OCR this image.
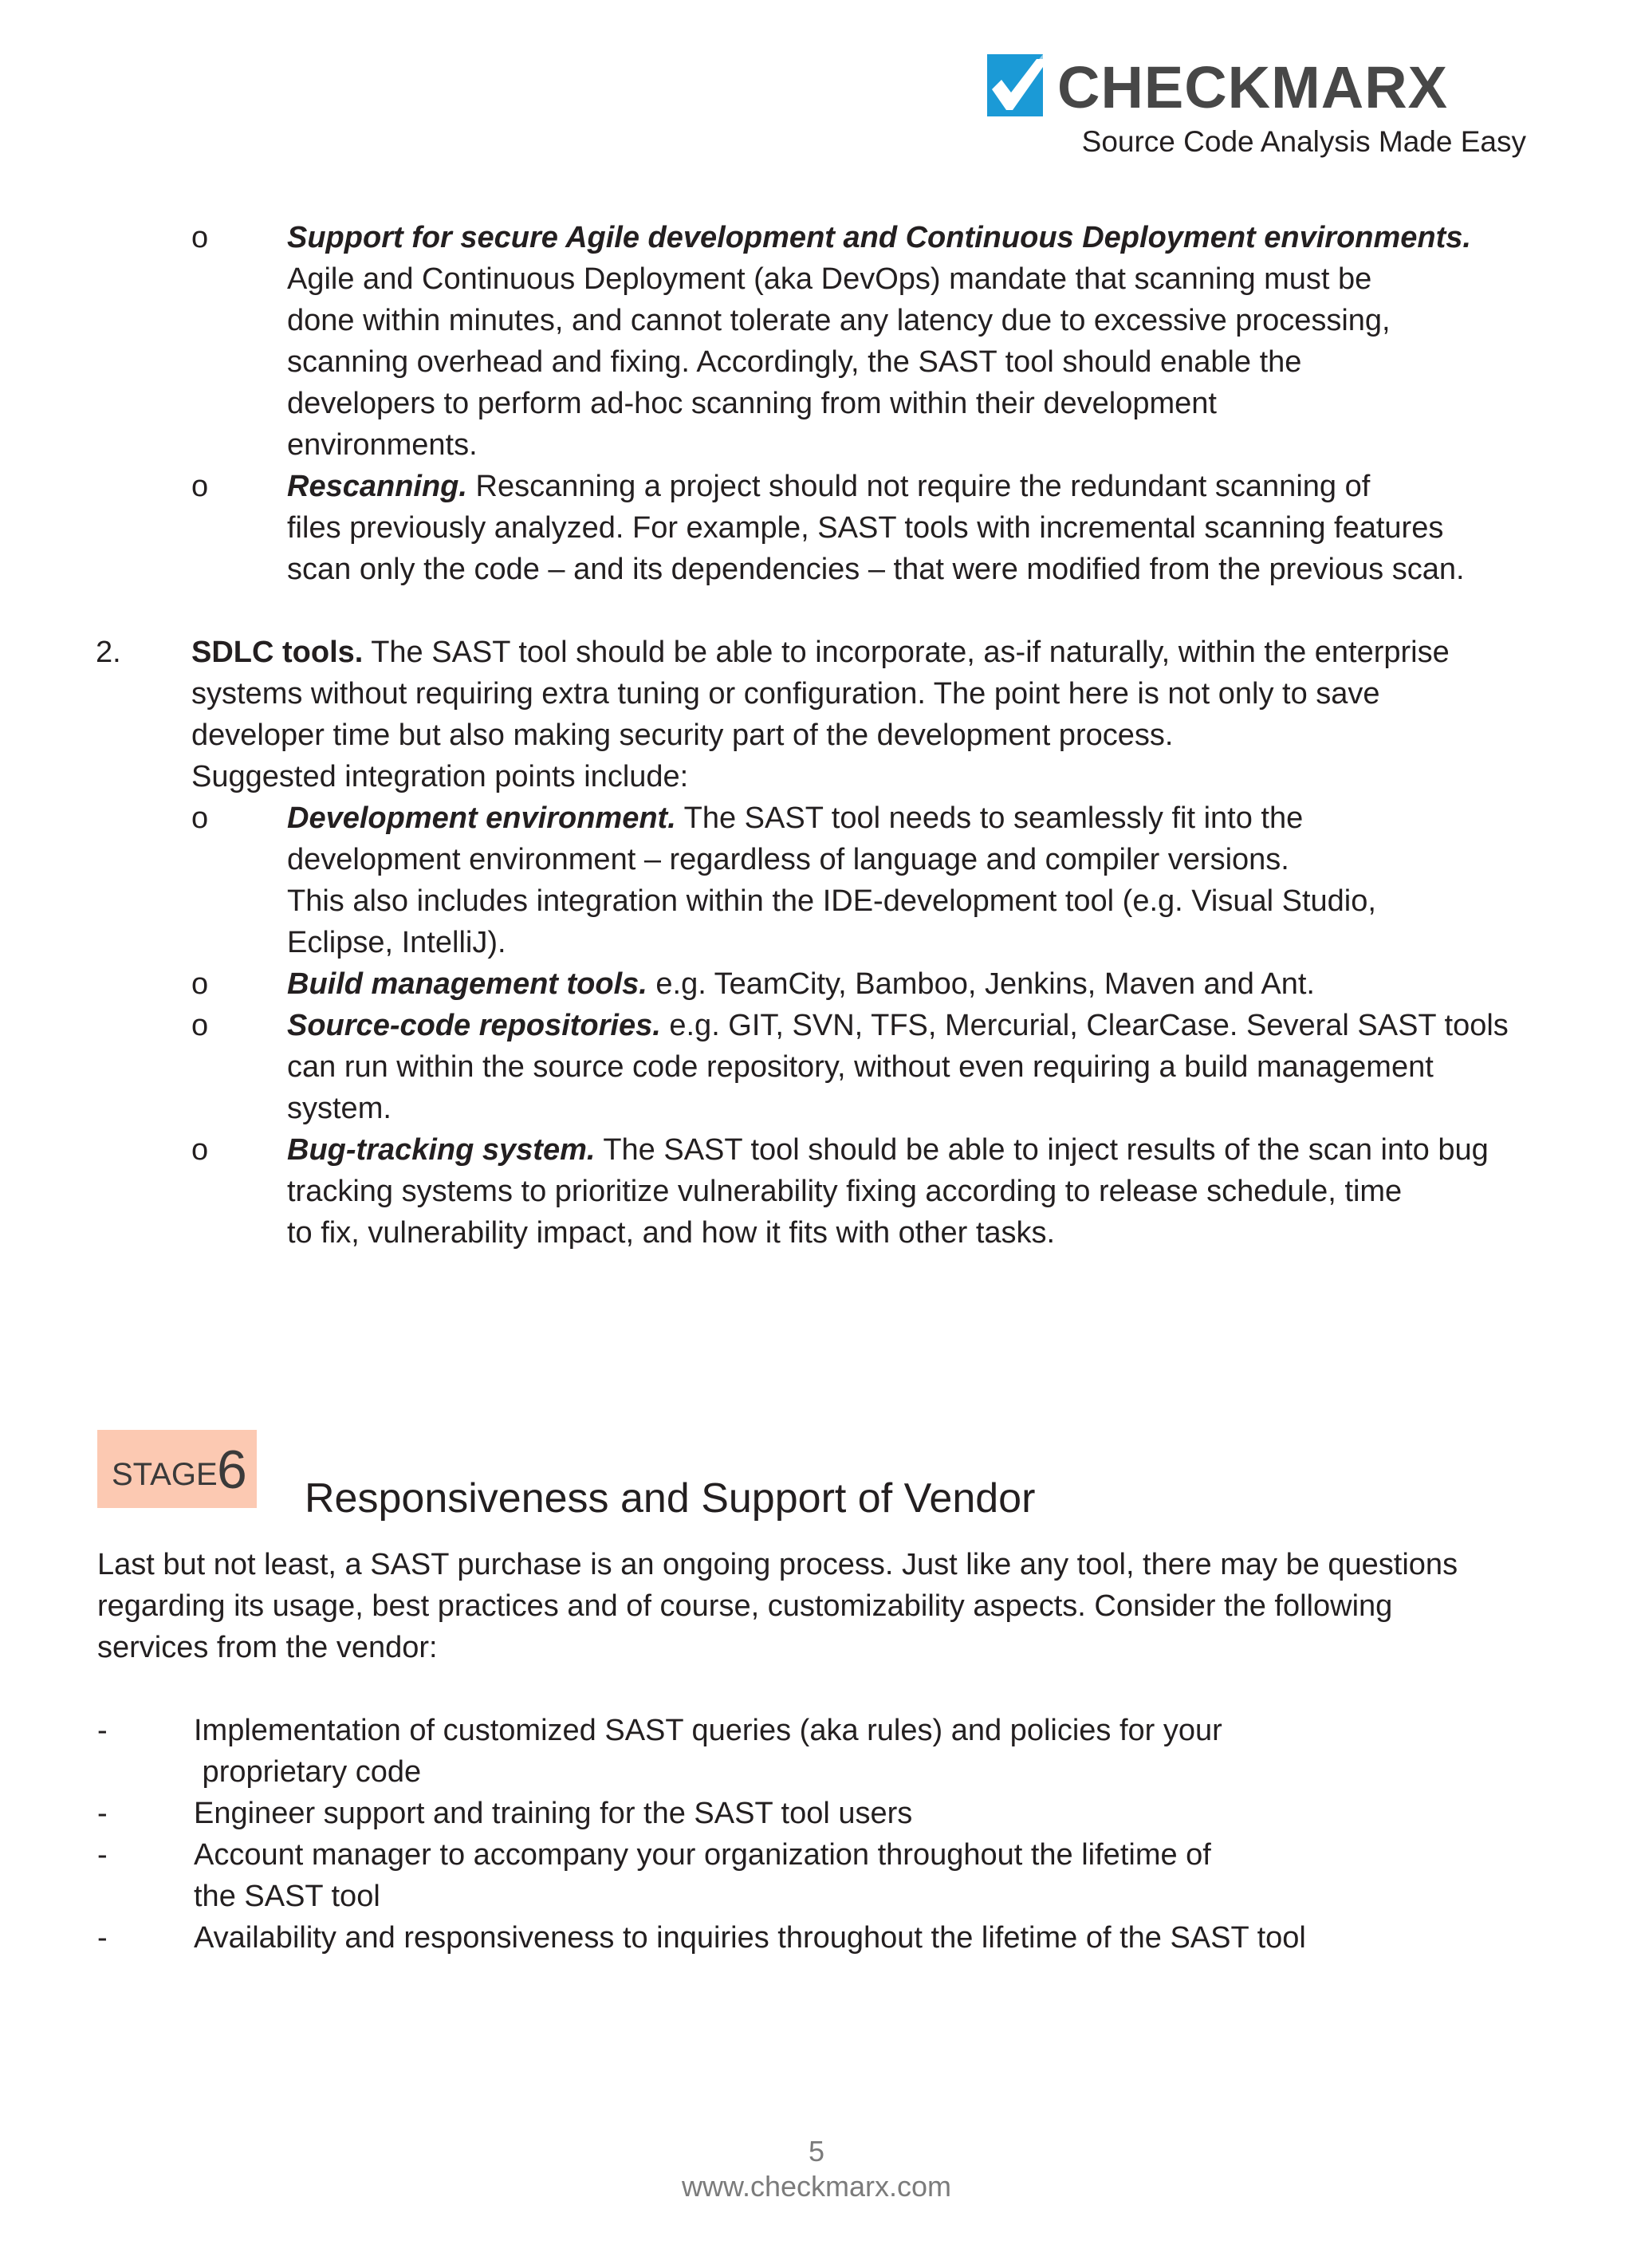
CHECKMARX
Source Code Analysis Made Easy
o	Support for secure Agile development and Continuous Deployment environments.
Agile and Continuous Deployment (aka DevOps) mandate that scanning must be
done within minutes, and cannot tolerate any latency due to excessive processing,
scanning overhead and fixing. Accordingly, the SAST tool should enable the
developers to perform ad-hoc scanning from within their development
environments.
o	Rescanning. Rescanning a project should not require the redundant scanning of
files previously analyzed. For example, SAST tools with incremental scanning features
scan only the code – and its dependencies – that were modified from the previous scan.
2. SDLC tools. The SAST tool should be able to incorporate, as-if naturally, within the enterprise
systems without requiring extra tuning or configuration. The point here is not only to save
developer time but also making security part of the development process.
Suggested integration points include:
o	Development environment. The SAST tool needs to seamlessly fit into the
development environment – regardless of language and compiler versions.
This also includes integration within the IDE-development tool (e.g. Visual Studio,
Eclipse, IntelliJ).
o	Build management tools. e.g. TeamCity, Bamboo, Jenkins, Maven and Ant.
o	Source-code repositories. e.g. GIT, SVN, TFS, Mercurial, ClearCase. Several SAST tools
can run within the source code repository, without even requiring a build management
system.
o	Bug-tracking system. The SAST tool should be able to inject results of the scan into bug
tracking systems to prioritize vulnerability fixing according to release schedule, time
to fix, vulnerability impact, and how it fits with other tasks.
STAGE 6 Responsiveness and Support of Vendor
Last but not least, a SAST purchase is an ongoing process. Just like any tool, there may be questions
regarding its usage, best practices and of course, customizability aspects. Consider the following
services from the vendor:
-	Implementation of customized SAST queries (aka rules) and policies for your
proprietary code
-	Engineer support and training for the SAST tool users
-	Account manager to accompany your organization throughout the lifetime of
the SAST tool
-	Availability and responsiveness to inquiries throughout the lifetime of the SAST tool
5
www.checkmarx.com
